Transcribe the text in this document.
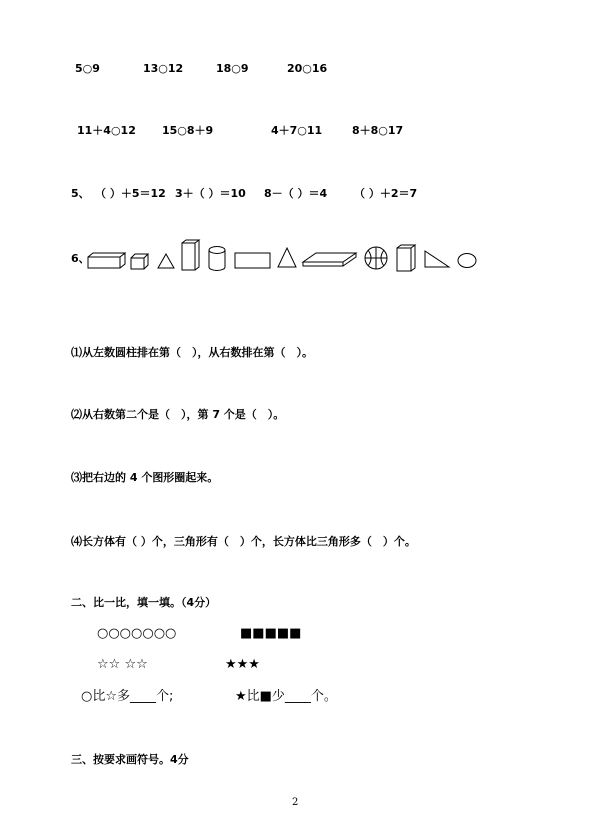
5○9	13○12	18○9	20○16
11＋4○12 15○8＋9	4＋7○11	8＋8○17
5、 （ ）＋5＝12 3＋（ ）＝10 8－（ ）＝4 （ ）＋2＝7
6、
⑴从左数圆柱排在第（　），从右数排在第（　）。
⑵从右数第二个是（　），第 7 个是（　）。
⑶把右边的 4 个图形圈起来。
⑷长方体有（ ）个，三角形有（　）个，长方体比三角形多（　）个。
二、比一比，填一填。（4分）
○○○○○○○	■■■■■
☆☆ ☆☆	★★★
○比☆多____个;	★比■少____个。
三、按要求画符号。4分
2
